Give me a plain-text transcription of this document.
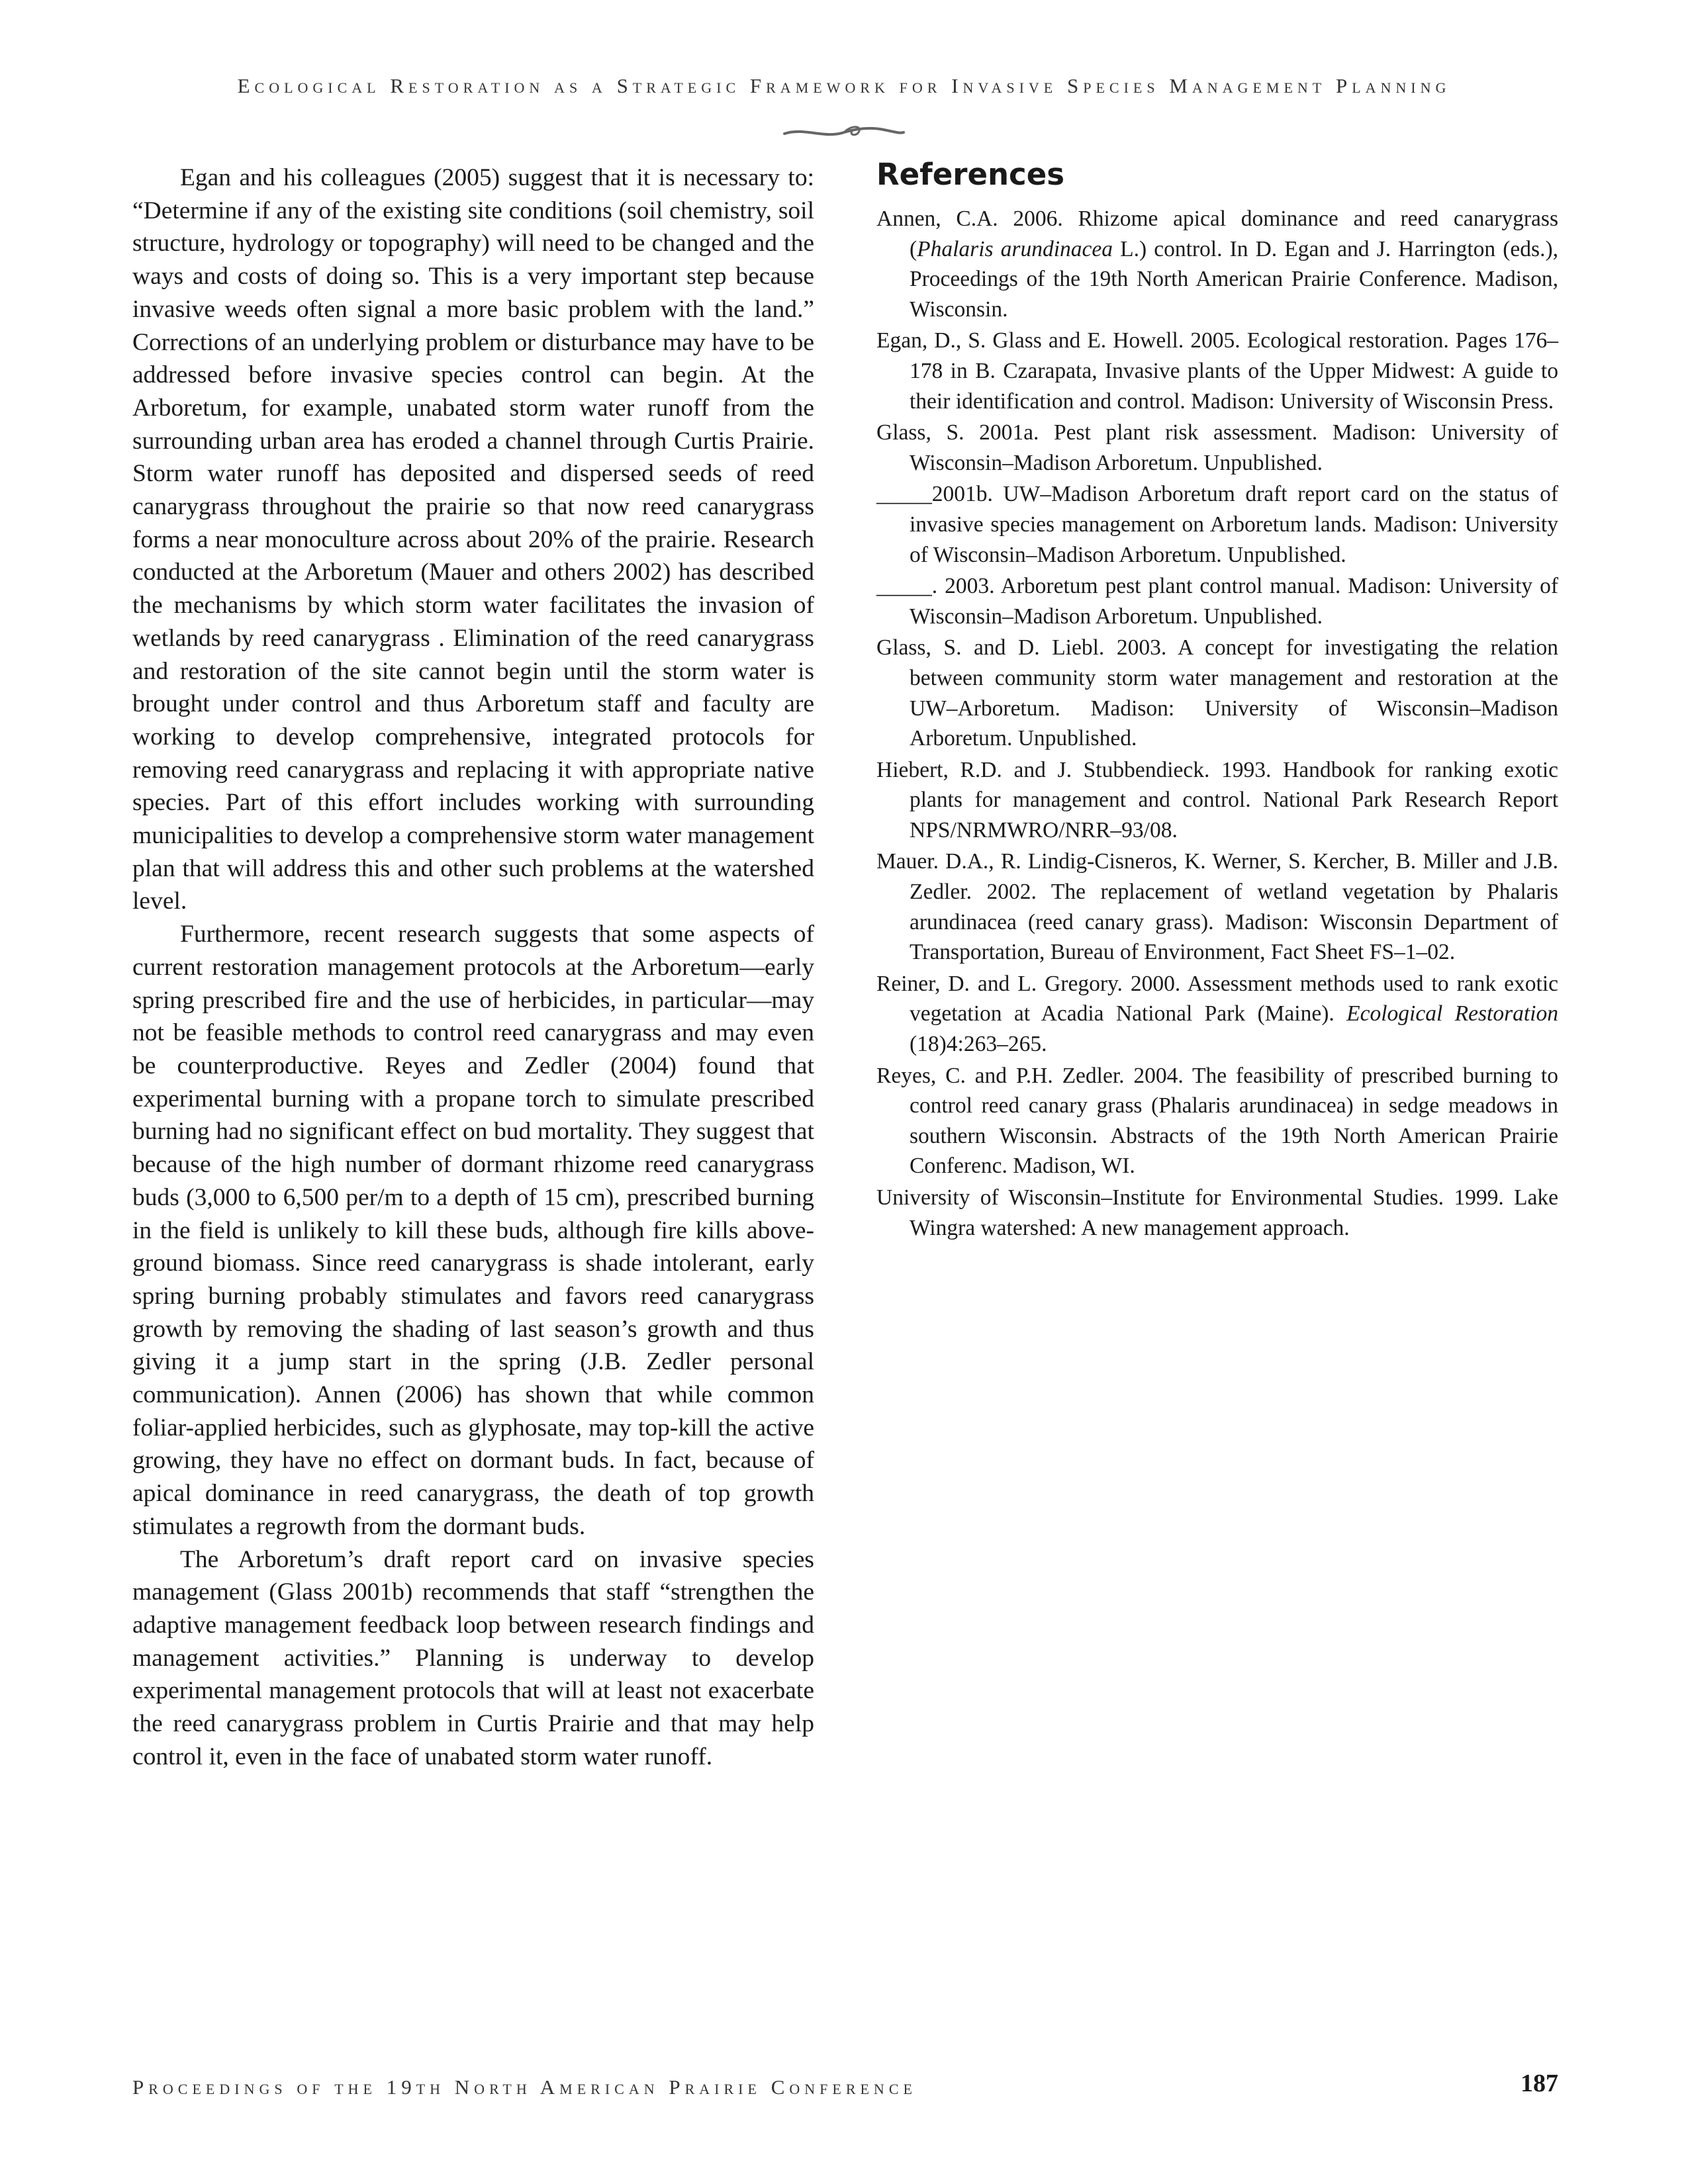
Ecological Restoration as a Strategic Framework for Invasive Species Management Planning

Egan and his colleagues (2005) suggest that it is necessary to: “Determine if any of the existing site conditions (soil chemistry, soil structure, hydrology or topography) will need to be changed and the ways and costs of doing so. This is a very important step because invasive weeds often signal a more basic problem with the land.” Corrections of an underlying problem or disturbance may have to be addressed before invasive species control can begin. At the Arboretum, for example, unabated storm water runoff from the surrounding urban area has eroded a channel through Curtis Prairie. Storm water runoff has deposited and dispersed seeds of reed canarygrass throughout the prairie so that now reed canarygrass forms a near monoculture across about 20% of the prairie. Research conducted at the Arboretum (Mauer and others 2002) has described the mechanisms by which storm water facilitates the invasion of wetlands by reed canarygrass . Elimination of the reed canarygrass and restoration of the site cannot begin until the storm water is brought under control and thus Arboretum staff and faculty are working to develop comprehensive, integrated protocols for removing reed canarygrass and replacing it with appropriate native species. Part of this effort includes working with surrounding municipalities to develop a comprehensive storm water management plan that will address this and other such problems at the watershed level.

Furthermore, recent research suggests that some aspects of current restoration management protocols at the Arboretum—early spring prescribed fire and the use of herbicides, in particular—may not be feasible methods to control reed canarygrass and may even be counterproductive. Reyes and Zedler (2004) found that experimental burning with a propane torch to simulate prescribed burning had no significant effect on bud mortality. They suggest that because of the high number of dormant rhizome reed canarygrass buds (3,000 to 6,500 per/m to a depth of 15 cm), prescribed burning in the field is unlikely to kill these buds, although fire kills aboveground biomass. Since reed canarygrass is shade intolerant, early spring burning probably stimulates and favors reed canarygrass growth by removing the shading of last season’s growth and thus giving it a jump start in the spring (J.B. Zedler personal communication). Annen (2006) has shown that while common foliar-applied herbicides, such as glyphosate, may top-kill the active growing, they have no effect on dormant buds. In fact, because of apical dominance in reed canarygrass, the death of top growth stimulates a regrowth from the dormant buds.

The Arboretum’s draft report card on invasive species management (Glass 2001b) recommends that staff “strengthen the adaptive management feedback loop between research findings and management activities.” Planning is underway to develop experimental management protocols that will at least not exacerbate the reed canarygrass problem in Curtis Prairie and that may help control it, even in the face of unabated storm water runoff.

References
Annen, C.A. 2006. Rhizome apical dominance and reed canarygrass (Phalaris arundinacea L.) control. In D. Egan and J. Harrington (eds.), Proceedings of the 19th North American Prairie Conference. Madison, Wisconsin.
Egan, D., S. Glass and E. Howell. 2005. Ecological restoration. Pages 176–178 in B. Czarapata, Invasive plants of the Upper Midwest: A guide to their identification and control. Madison: University of Wisconsin Press.
Glass, S. 2001a. Pest plant risk assessment. Madison: University of Wisconsin–Madison Arboretum. Unpublished.
_____2001b. UW–Madison Arboretum draft report card on the status of invasive species management on Arboretum lands. Madison: University of Wisconsin–Madison Arboretum. Unpublished.
_____. 2003. Arboretum pest plant control manual. Madison: University of Wisconsin–Madison Arboretum. Unpublished.
Glass, S. and D. Liebl. 2003. A concept for investigating the relation between community storm water management and restoration at the UW–Arboretum. Madison: University of Wisconsin–Madison Arboretum. Unpublished.
Hiebert, R.D. and J. Stubbendieck. 1993. Handbook for ranking exotic plants for management and control. National Park Research Report NPS/NRMWRO/NRR–93/08.
Mauer. D.A., R. Lindig-Cisneros, K. Werner, S. Kercher, B. Miller and J.B. Zedler. 2002. The replacement of wetland vegetation by Phalaris arundinacea (reed canary grass). Madison: Wisconsin Department of Transportation, Bureau of Environment, Fact Sheet FS–1–02.
Reiner, D. and L. Gregory. 2000. Assessment methods used to rank exotic vegetation at Acadia National Park (Maine). Ecological Restoration (18)4:263–265.
Reyes, C. and P.H. Zedler. 2004. The feasibility of prescribed burning to control reed canary grass (Phalaris arundinacea) in sedge meadows in southern Wisconsin. Abstracts of the 19th North American Prairie Conferenc. Madison, WI.
University of Wisconsin–Institute for Environmental Studies. 1999. Lake Wingra watershed: A new management approach.
Proceedings of the 19th North American Prairie Conference	187
